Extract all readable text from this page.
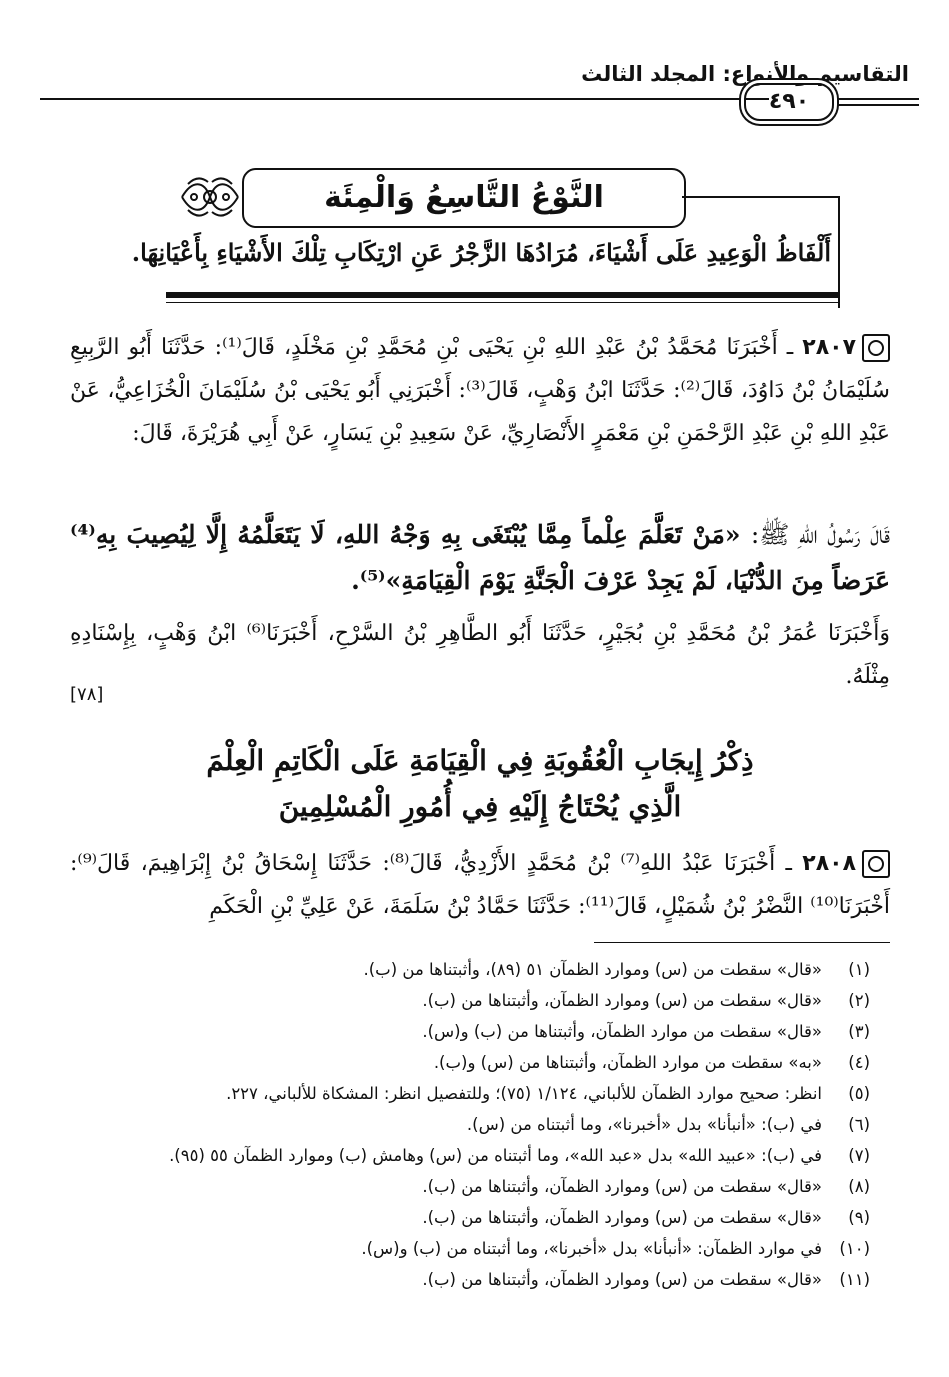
التقاسيم والأنواع: المجلد الثالث
٤٩٠
النَّوْعُ التَّاسِعُ وَالْمِئَة
أَلْفَاظُ الْوَعِيدِ عَلَى أَشْيَاءَ، مُرَادُهَا الزَّجْرُ عَنِ ارْتِكَابِ تِلْكَ الأَشْيَاءِ بِأَعْيَانِهَا.
٢٨٠٧ ـ أَخْبَرَنَا مُحَمَّدُ بْنُ عَبْدِ اللهِ بْنِ يَحْيَى بْنِ مُحَمَّدِ بْنِ مَخْلَدٍ، قَالَ⁽¹⁾: حَدَّثَنَا أَبُو الرَّبِيعِ سُلَيْمَانُ بْنُ دَاوُدَ، قَالَ⁽²⁾: حَدَّثَنَا ابْنُ وَهْبٍ، قَالَ⁽³⁾: أَخْبَرَنِي أَبُو يَحْيَى بْنُ سُلَيْمَانَ الْخُزَاعِيُّ، عَنْ عَبْدِ اللهِ بْنِ عَبْدِ الرَّحْمَنِ بْنِ مَعْمَرٍ الأَنْصَارِيِّ، عَنْ سَعِيدِ بْنِ يَسَارٍ، عَنْ أَبِي هُرَيْرَةَ، قَالَ:
قَالَ رَسُولُ اللهِ ﷺ: «مَنْ تَعَلَّمَ عِلْماً مِمَّا يُبْتَغَى بِهِ وَجْهُ اللهِ، لَا يَتَعَلَّمُهُ إِلَّا لِيُصِيبَ بِهِ⁽⁴⁾ عَرَضاً مِنَ الدُّنْيَا، لَمْ يَجِدْ عَرْفَ الْجَنَّةِ يَوْمَ الْقِيَامَةِ»⁽⁵⁾.
وَأَخْبَرَنَا عُمَرُ بْنُ مُحَمَّدِ بْنِ بُجَيْرٍ، حَدَّثَنَا أَبُو الطَّاهِرِ بْنُ السَّرْحِ، أَخْبَرَنَا⁽⁶⁾ ابْنُ وَهْبٍ، بِإِسْنَادِهِ مِثْلَهُ.
[٧٨]
ذِكْرُ إِيجَابِ الْعُقُوبَةِ فِي الْقِيَامَةِ عَلَى الْكَاتِمِ الْعِلْمَ
الَّذِي يُحْتَاجُ إِلَيْهِ فِي أُمُورِ الْمُسْلِمِينَ
٢٨٠٨ ـ أَخْبَرَنَا عَبْدُ اللهِ⁽⁷⁾ بْنُ مُحَمَّدٍ الأَزْدِيُّ، قَالَ⁽⁸⁾: حَدَّثَنَا إِسْحَاقُ بْنُ إِبْرَاهِيمَ، قَالَ⁽⁹⁾: أَخْبَرَنَا⁽¹⁰⁾ النَّضْرُ بْنُ شُمَيْلٍ، قَالَ⁽¹¹⁾: حَدَّثَنَا حَمَّادُ بْنُ سَلَمَةَ، عَنْ عَلِيِّ بْنِ الْحَكَمِ
(١)«قال» سقطت من (س) وموارد الظمآن ٥١ (٨٩)، وأثبتناها من (ب).
(٢)«قال» سقطت من (س) وموارد الظمآن، وأثبتناها من (ب).
(٣)«قال» سقطت من موارد الظمآن، وأثبتناها من (ب) و(س).
(٤)«به» سقطت من موارد الظمآن، وأثبتناها من (س) و(ب).
(٥)انظر: صحيح موارد الظمآن للألباني، ١/١٢٤ (٧٥)؛ وللتفصيل انظر: المشكاة للألباني، ٢٢٧.
(٦)في (ب): «أنبأنا» بدل «أخبرنا»، وما أثبتناه من (س).
(٧)في (ب): «عبيد الله» بدل «عبد الله»، وما أثبتناه من (س) وهامش (ب) وموارد الظمآن ٥٥ (٩٥).
(٨)«قال» سقطت من (س) وموارد الظمآن، وأثبتناها من (ب).
(٩)«قال» سقطت من (س) وموارد الظمآن، وأثبتناها من (ب).
(١٠)في موارد الظمآن: «أنبأنا» بدل «أخبرنا»، وما أثبتناه من (ب) و(س).
(١١)«قال» سقطت من (س) وموارد الظمآن، وأثبتناها من (ب).
